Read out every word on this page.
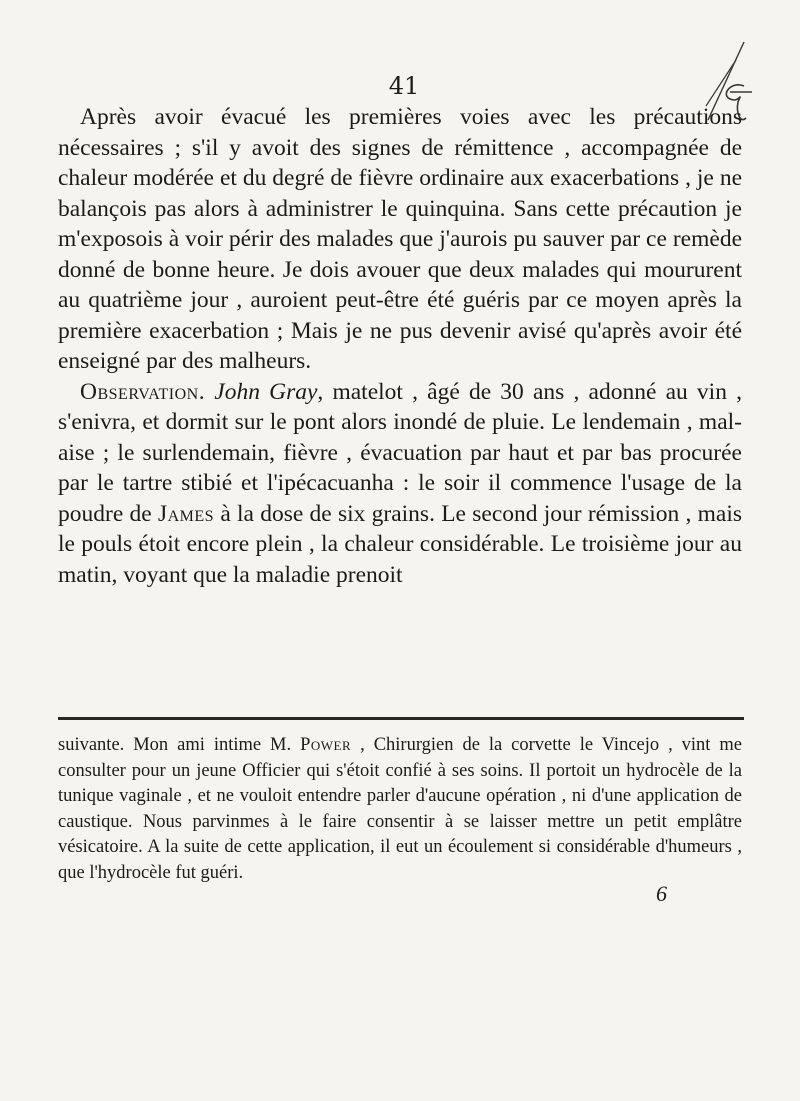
41

Après avoir évacué les premières voies avec les précautions nécessaires ; s'il y avoit des signes de rémittence , accompagnée de chaleur modérée et du degré de fièvre ordinaire aux exacerbations , je ne balançois pas alors à administrer le quinquina. Sans cette précaution je m'exposois à voir périr des malades que j'aurois pu sauver par ce remède donné de bonne heure. Je dois avouer que deux malades qui moururent au quatrième jour , auroient peut-être été guéris par ce moyen après la première exacerbation ; Mais je ne pus devenir avisé qu'après avoir été enseigné par des malheurs.

Observation. John Gray, matelot , âgé de 30 ans , adonné au vin , s'enivra, et dormit sur le pont alors inondé de pluie. Le lendemain , mal-aise ; le surlendemain, fièvre , évacuation par haut et par bas procurée par le tartre stibié et l'ipécacuanha : le soir il commence l'usage de la poudre de James à la dose de six grains. Le second jour rémission , mais le pouls étoit encore plein , la chaleur considérable. Le troisième jour au matin, voyant que la maladie prenoit

suivante. Mon ami intime M. Power , Chirurgien de la corvette le Vincejo , vint me consulter pour un jeune Officier qui s'étoit confié à ses soins. Il portoit un hydrocèle de la tunique vaginale , et ne vouloit entendre parler d'aucune opération , ni d'une application de caustique. Nous parvinmes à le faire consentir à se laisser mettre un petit emplâtre vésicatoire. A la suite de cette application, il eut un écoulement si considérable d'humeurs , que l'hydrocèle fut guéri.

6
